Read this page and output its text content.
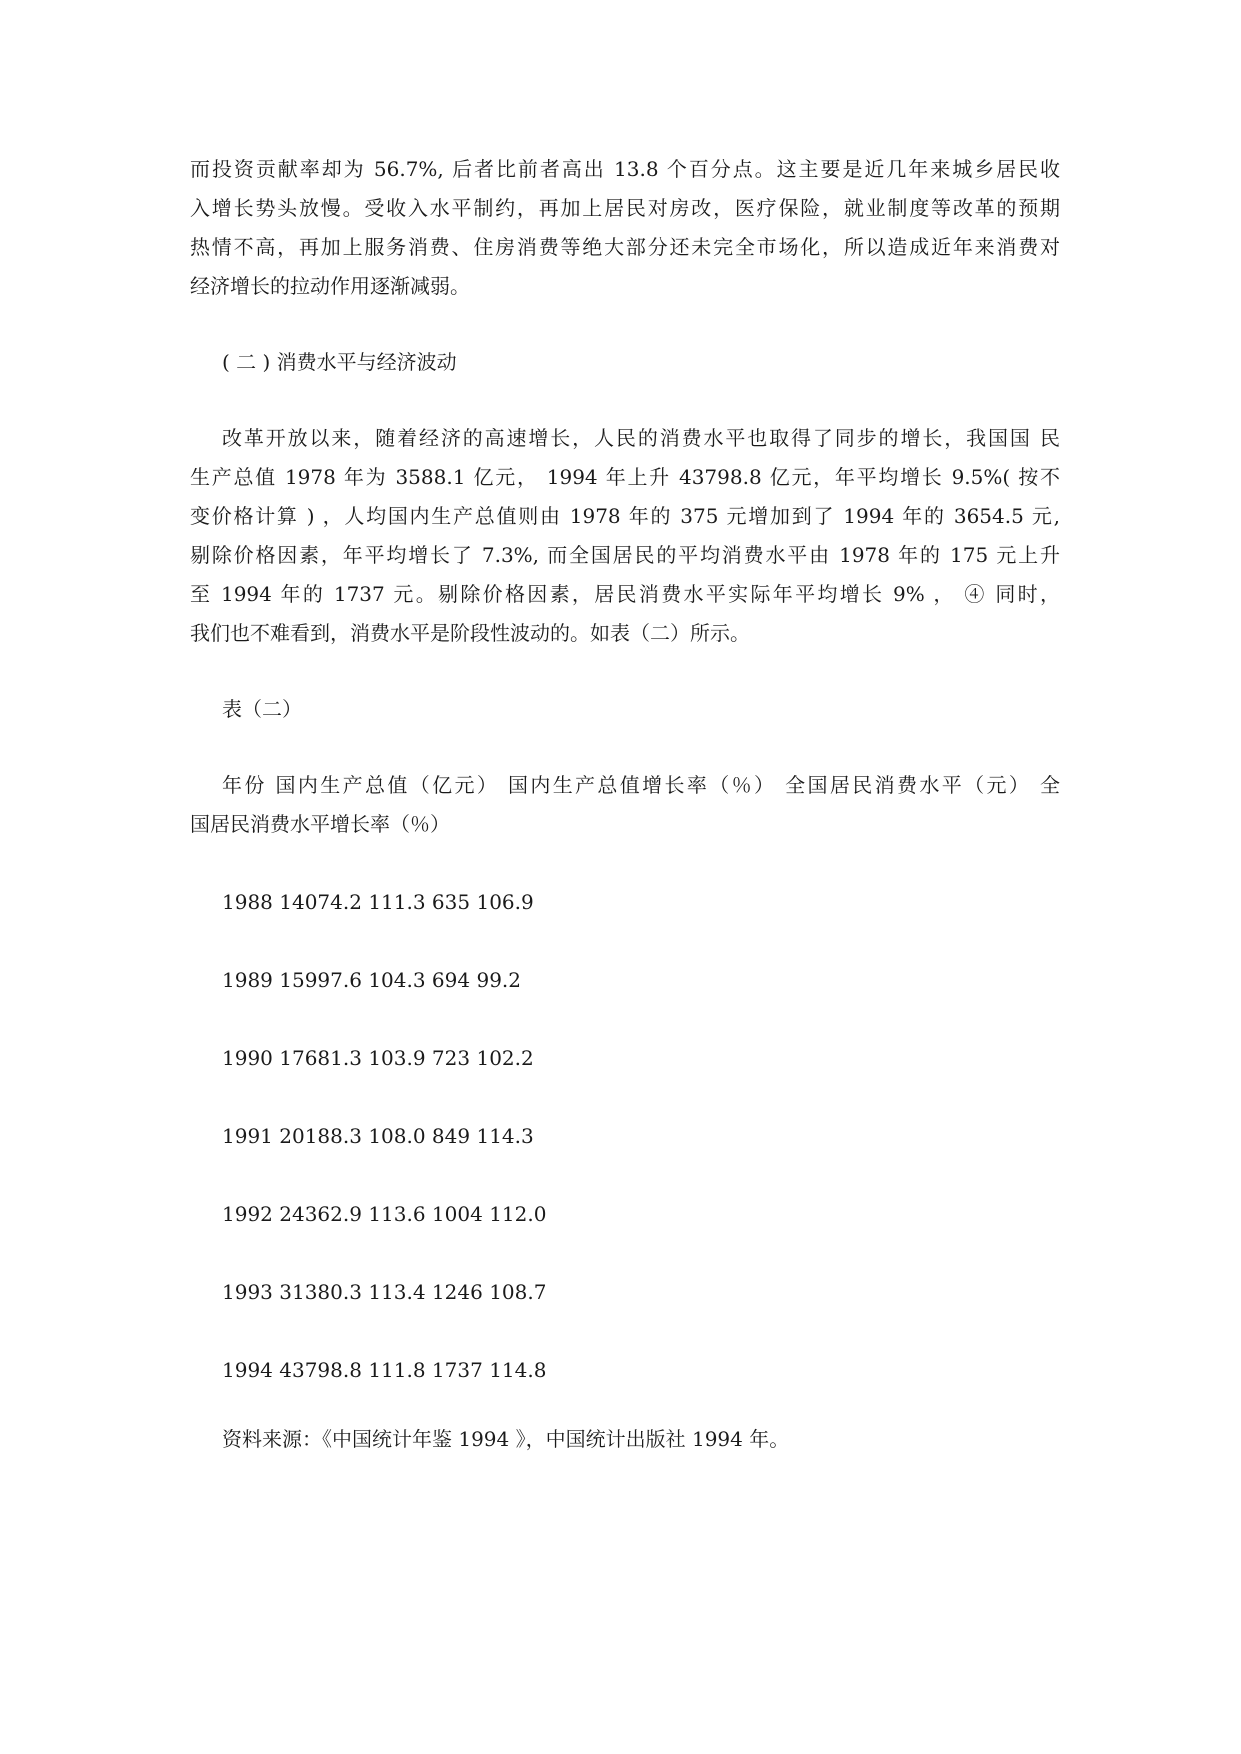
而投资贡献率却为 56.7%, 后者比前者高出 13.8 个百分点。这主要是近几年来城乡居民收
入增长势头放慢。受收入水平制约，再加上居民对房改，医疗保险，就业制度等改革的预期
热情不高，再加上服务消费、住房消费等绝大部分还未完全市场化，所以造成近年来消费对
经济增长的拉动作用逐渐减弱。
( 二 ) 消费水平与经济波动
改革开放以来，随着经济的高速增长，人民的消费水平也取得了同步的增长，我国国 民
生产总值 1978 年为 3588.1 亿元， 1994 年上升 43798.8 亿元，年平均增长 9.5%( 按不
变价格计算 ) ，人均国内生产总值则由 1978 年的 375 元增加到了 1994 年的 3654.5 元,
剔除价格因素，年平均增长了 7.3%, 而全国居民的平均消费水平由 1978 年的 175 元上升
至 1994 年的 1737 元。剔除价格因素，居民消费水平实际年平均增长 9% ， ④ 同时，
我们也不难看到，消费水平是阶段性波动的。如表（二）所示。
表（二）
年份 国内生产总值（亿元） 国内生产总值增长率（％） 全国居民消费水平（元） 全
国居民消费水平增长率（％）
1988 14074.2 111.3 635 106.9
1989 15997.6 104.3 694 99.2
1990 17681.3 103.9 723 102.2
1991 20188.3 108.0 849 114.3
1992 24362.9 113.6 1004 112.0
1993 31380.3 113.4 1246 108.7
1994 43798.8 111.8 1737 114.8
资料来源：《中国统计年鉴 1994 》，中国统计出版社 1994 年。
